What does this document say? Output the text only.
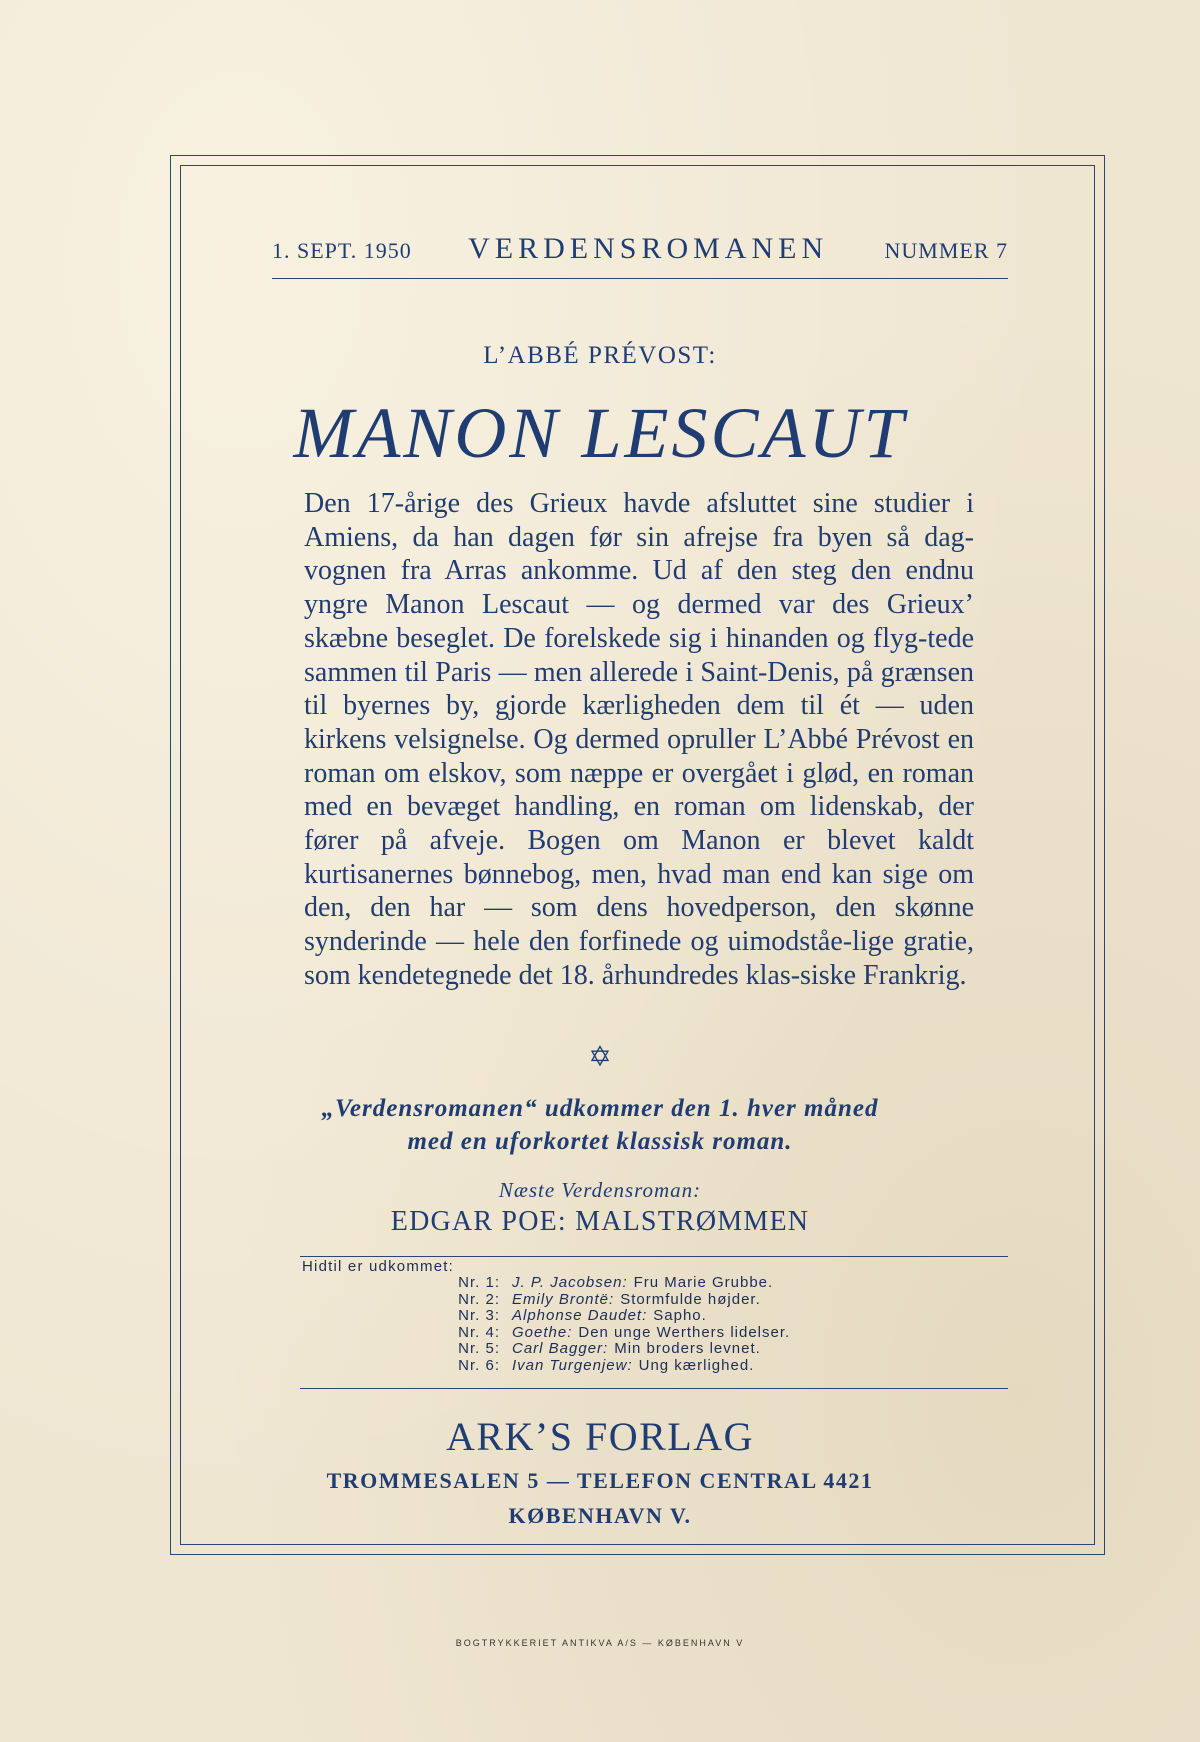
1. SEPT. 1950 VERDENSROMANEN	NUMMER 7
L’ABBÉ PRÉVOST:
MANON LESCAUT
Den 17-årige des Grieux havde afsluttet sine studier i Amiens, da han dagen før sin afrejse fra byen så dag-vognen fra Arras ankomme. Ud af den steg den endnu yngre Manon Lescaut — og dermed var des Grieux’ skæbne beseglet. De forelskede sig i hinanden og flyg-tede sammen til Paris — men allerede i Saint-Denis, på grænsen til byernes by, gjorde kærligheden dem til ét — uden kirkens velsignelse. Og dermed opruller L’Abbé Prévost en roman om elskov, som næppe er overgået i glød, en roman med en bevæget handling, en roman om lidenskab, der fører på afveje. Bogen om Manon er blevet kaldt kurtisanernes bønnebog, men, hvad man end kan sige om den, den har — som dens hovedperson, den skønne synderinde — hele den forfinede og uimodståe-lige gratie, som kendetegnede det 18. århundredes klas-siske Frankrig.
✡
„Verdensromanen“ udkommer den 1. hver måned
med en uforkortet klassisk roman.
Næste Verdensroman:
EDGAR POE: MALSTRØMMEN
Hidtil er udkommet:
Nr. 1: J. P. Jacobsen: Fru Marie Grubbe.
Nr. 2: Emily Brontë: Stormfulde højder.
Nr. 3: Alphonse Daudet: Sapho.
Nr. 4: Goethe: Den unge Werthers lidelser.
Nr. 5: Carl Bagger: Min broders levnet.
Nr. 6: Ivan Turgenjew: Ung kærlighed.
ARK’S FORLAG
TROMMESALEN 5 — TELEFON CENTRAL 4421
KØBENHAVN V.
BOGTRYKKERIET ANTIKVA A/S — KØBENHAVN V
